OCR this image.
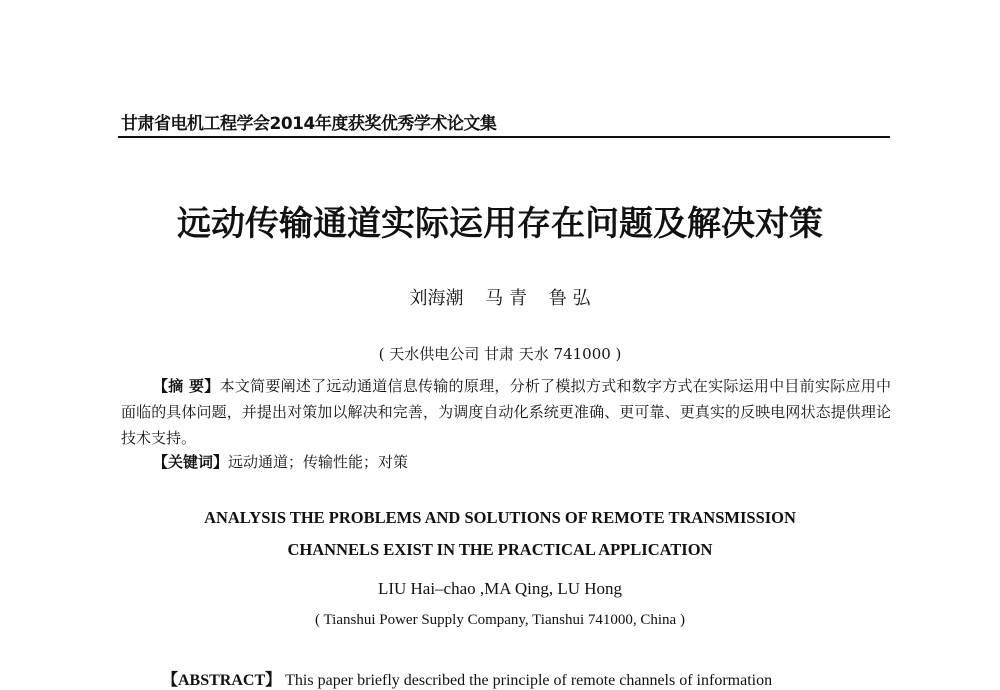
甘肃省电机工程学会2014年度获奖优秀学术论文集
远动传输通道实际运用存在问题及解决对策
刘海潮 马 青 鲁 弘
( 天水供电公司 甘肃 天水 741000 )
【摘 要】本文简要阐述了远动通道信息传输的原理，分析了模拟方式和数字方式在实际运用中目前实际应用中面临的具体问题，并提出对策加以解决和完善，为调度自动化系统更准确、更可靠、更真实的反映电网状态提供理论技术支持。
【关键词】远动通道；传输性能；对策
ANALYSIS THE PROBLEMS AND SOLUTIONS OF REMOTE TRANSMISSION
CHANNELS EXIST IN THE PRACTICAL APPLICATION
LIU Hai–chao ,MA Qing, LU Hong
( Tianshui Power Supply Company, Tianshui 741000, China )
【ABSTRACT】 This paper briefly described the principle of remote channels of information
